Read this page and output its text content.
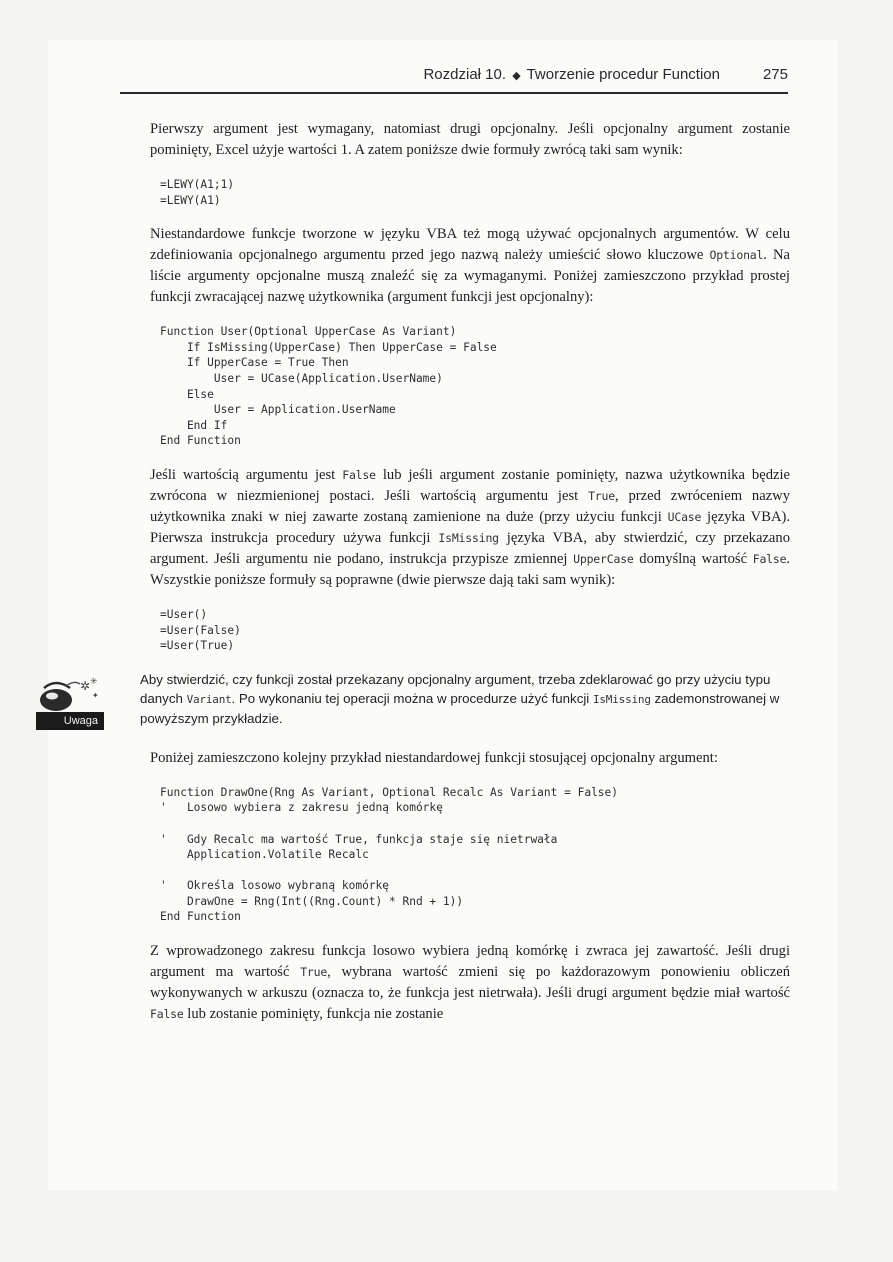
Rozdział 10. ◆ Tworzenie procedur Function	275

Pierwszy argument jest wymagany, natomiast drugi opcjonalny. Jeśli opcjonalny argument zostanie pominięty, Excel użyje wartości 1. A zatem poniższe dwie formuły zwrócą taki sam wynik:

=LEWY(A1;1)
=LEWY(A1)

Niestandardowe funkcje tworzone w języku VBA też mogą używać opcjonalnych argumentów. W celu zdefiniowania opcjonalnego argumentu przed jego nazwą należy umieścić słowo kluczowe Optional. Na liście argumenty opcjonalne muszą znaleźć się za wymaganymi. Poniżej zamieszczono przykład prostej funkcji zwracającej nazwę użytkownika (argument funkcji jest opcjonalny):

Function User(Optional UpperCase As Variant)
If IsMissing(UpperCase) Then UpperCase = False
If UpperCase = True Then
User = UCase(Application.UserName)
Else
User = Application.UserName
End If
End Function

Jeśli wartością argumentu jest False lub jeśli argument zostanie pominięty, nazwa użytkownika będzie zwrócona w niezmienionej postaci. Jeśli wartością argumentu jest True, przed zwróceniem nazwy użytkownika znaki w niej zawarte zostaną zamienione na duże (przy użyciu funkcji UCase języka VBA). Pierwsza instrukcja procedury używa funkcji IsMissing języka VBA, aby stwierdzić, czy przekazano argument. Jeśli argumentu nie podano, instrukcja przypisze zmiennej UpperCase domyślną wartość False. Wszystkie poniższe formuły są poprawne (dwie pierwsze dają taki sam wynik):

=User()
=User(False)
=User(True)
✲ ✳
✦
Uwaga
Aby stwierdzić, czy funkcji został przekazany opcjonalny argument, trzeba zdeklarować go przy użyciu typu danych Variant. Po wykonaniu tej operacji można w procedurze użyć funkcji IsMissing zademonstrowanej w powyższym przykładzie.

Poniżej zamieszczono kolejny przykład niestandardowej funkcji stosującej opcjonalny argument:

Function DrawOne(Rng As Variant, Optional Recalc As Variant = False)
'   Losowo wybiera z zakresu jedną komórkę

'   Gdy Recalc ma wartość True, funkcja staje się nietrwała
Application.Volatile Recalc

'   Określa losowo wybraną komórkę
DrawOne = Rng(Int((Rng.Count) * Rnd + 1))
End Function

Z wprowadzonego zakresu funkcja losowo wybiera jedną komórkę i zwraca jej zawartość. Jeśli drugi argument ma wartość True, wybrana wartość zmieni się po każdorazowym ponowieniu obliczeń wykonywanych w arkuszu (oznacza to, że funkcja jest nietrwała). Jeśli drugi argument będzie miał wartość False lub zostanie pominięty, funkcja nie zostanie
